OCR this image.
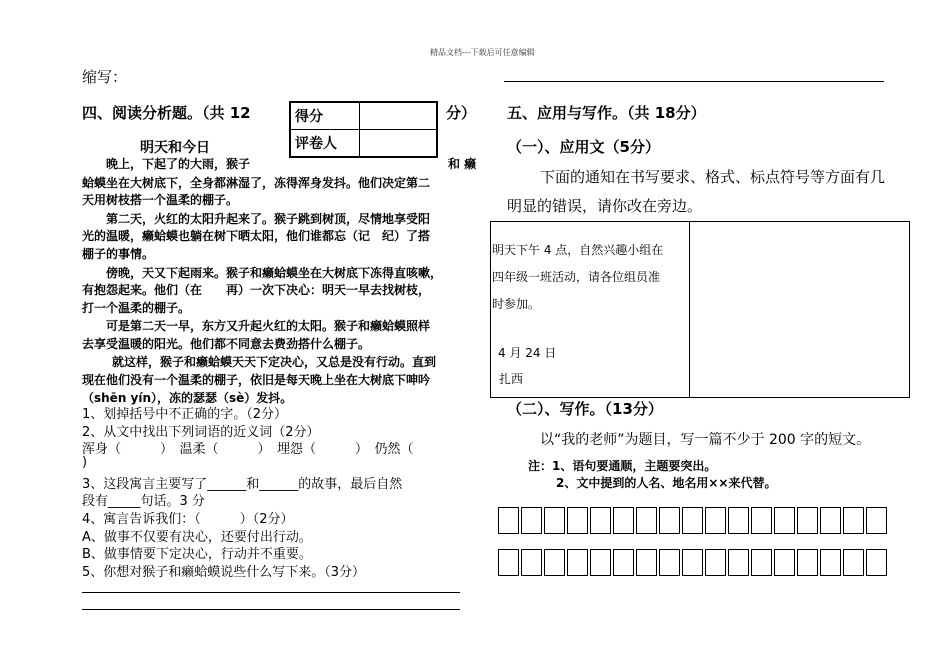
精品文档---下载后可任意编辑
缩写：
四、阅读分析题。（共 12	分）
得分	
评卷人	
明天和今日
晚上，下起了的大雨，猴子	和 癞
蛤蟆坐在大树底下，全身都淋湿了，冻得浑身发抖。他们决定第二
天用树枝搭一个温柔的棚子。
第二天，火红的太阳升起来了。猴子跳到树顶，尽情地享受阳
光的温暖，癞蛤蟆也躺在树下晒太阳，他们谁都忘（记　纪）了搭
棚子的事情。
傍晚，天又下起雨来。猴子和癞蛤蟆坐在大树底下冻得直咳嗽，
有抱怨起来。他们（在　　再）一次下决心：明天一早去找树枝，
打一个温柔的棚子。
可是第二天一早，东方又升起火红的太阳。猴子和癞蛤蟆照样
去享受温暖的阳光。他们都不同意去费劲搭什么棚子。
就这样，猴子和癞蛤蟆天天下定决心，又总是没有行动。直到
现在他们没有一个温柔的棚子，依旧是每天晚上坐在大树底下呻吟
（shēn yín），冻的瑟瑟（sè）发抖。
1、划掉括号中不正确的字。（2分）
2、从文中找出下列词语的近义词（2分）
浑身（　　　）　温柔（　　　）　埋怨（　　　）　仍然（
)
3、这段寓言主要写了______和______的故事，最后自然
段有_____句话。3 分
4、寓言告诉我们：（　　　）（2分）
A、做事不仅要有决心，还要付出行动。
B、做事情要下定决心，行动并不重要。
5、你想对猴子和癞蛤蟆说些什么写下来。（3分）
五、应用与写作。（共 18分）
（一）、应用文（5分）
下面的通知在书写要求、格式、标点符号等方面有几
明显的错误，请你改在旁边。
明天下午 4 点，自然兴趣小组在
四年级一班活动，请各位组员准
时参加。
4 月 24 日
扎西
（二）、写作。（13分）
以“我的老师”为题目，写一篇不少于 200 字的短文。
注：1、语句要通顺，主题要突出。
2、文中提到的人名、地名用××来代替。
